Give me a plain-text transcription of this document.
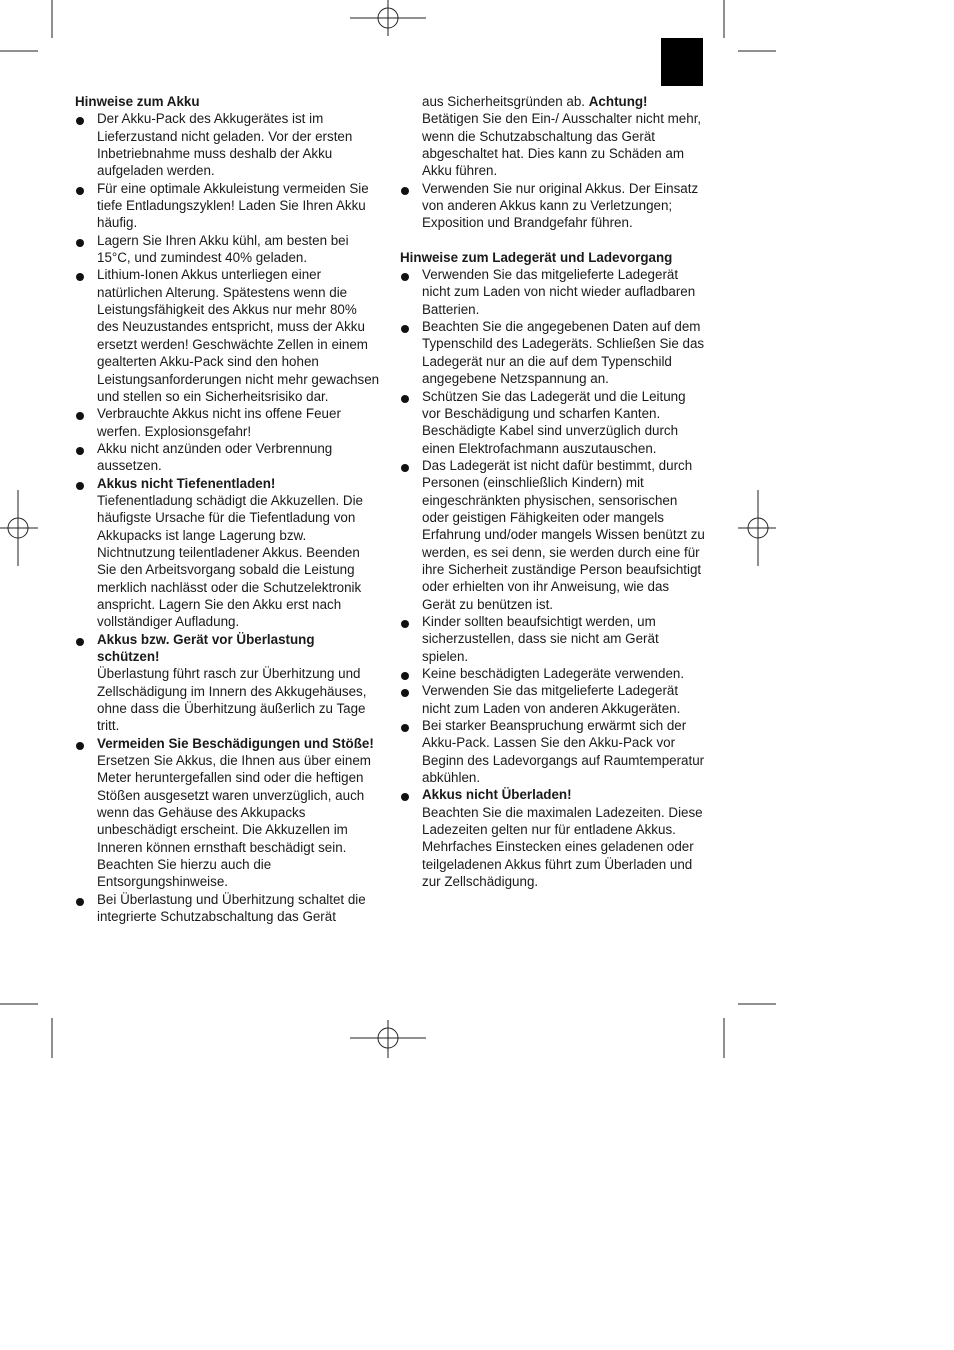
Hinweise zum Akku

Der Akku-Pack des Akkugerätes ist im Lieferzustand nicht geladen. Vor der ersten Inbetriebnahme muss deshalb der Akku aufgeladen werden.
Für eine optimale Akkuleistung vermeiden Sie tiefe Entladungszyklen! Laden Sie Ihren Akku häufig.
Lagern Sie Ihren Akku kühl, am besten bei 15°C, und zumindest 40% geladen.
Lithium-Ionen Akkus unterliegen einer natürlichen Alterung. Spätestens wenn die Leistungsfähigkeit des Akkus nur mehr 80% des Neuzustandes entspricht, muss der Akku ersetzt werden! Geschwächte Zellen in einem gealterten Akku-Pack sind den hohen Leistungsanforderungen nicht mehr gewachsen und stellen so ein Sicherheitsrisiko dar.
Verbrauchte Akkus nicht ins offene Feuer werfen. Explosionsgefahr!
Akku nicht anzünden oder Verbrennung aussetzen.
Akkus nicht Tiefenentladen!
Tiefenentladung schädigt die Akkuzellen. Die häufigste Ursache für die Tiefentladung von Akkupacks ist lange Lagerung bzw. Nichtnutzung teilentladener Akkus. Beenden Sie den Arbeitsvorgang sobald die Leistung merklich nachlässt oder die Schutzelektronik anspricht. Lagern Sie den Akku erst nach vollständiger Aufladung.
Akkus bzw. Gerät vor Überlastung schützen!
Überlastung führt rasch zur Überhitzung und Zellschädigung im Innern des Akkugehäuses, ohne dass die Überhitzung äußerlich zu Tage tritt.
Vermeiden Sie Beschädigungen und Stöße!
Ersetzen Sie Akkus, die Ihnen aus über einem Meter heruntergefallen sind oder die heftigen Stößen ausgesetzt waren unverzüglich, auch wenn das Gehäuse des Akkupacks unbeschädigt erscheint. Die Akkuzellen im Inneren können ernsthaft beschädigt sein. Beachten Sie hierzu auch die Entsorgungshinweise.
Bei Überlastung und Überhitzung schaltet die integrierte Schutzabschaltung das Gerät
aus Sicherheitsgründen ab. Achtung! Betätigen Sie den Ein-/ Ausschalter nicht mehr, wenn die Schutzabschaltung das Gerät abgeschaltet hat. Dies kann zu Schäden am Akku führen.
Verwenden Sie nur original Akkus. Der Einsatz von anderen Akkus kann zu Verletzungen; Exposition und Brandgefahr führen.

Hinweise zum Ladegerät und Ladevorgang

Verwenden Sie das mitgelieferte Ladegerät nicht zum Laden von nicht wieder aufladbaren Batterien.
Beachten Sie die angegebenen Daten auf dem Typenschild des Ladegeräts. Schließen Sie das Ladegerät nur an die auf dem Typenschild angegebene Netzspannung an.
Schützen Sie das Ladegerät und die Leitung vor Beschädigung und scharfen Kanten. Beschädigte Kabel sind unverzüglich durch einen Elektrofachmann auszutauschen.
Das Ladegerät ist nicht dafür bestimmt, durch Personen (einschließlich Kindern) mit eingeschränkten physischen, sensorischen oder geistigen Fähigkeiten oder mangels Erfahrung und/oder mangels Wissen benützt zu werden, es sei denn, sie werden durch eine für ihre Sicherheit zuständige Person beaufsichtigt oder erhielten von ihr Anweisung, wie das Gerät zu benützen ist.
Kinder sollten beaufsichtigt werden, um sicherzustellen, dass sie nicht am Gerät spielen.
Keine beschädigten Ladegeräte verwenden.
Verwenden Sie das mitgelieferte Ladegerät nicht zum Laden von anderen Akkugeräten.
Bei starker Beanspruchung erwärmt sich der Akku-Pack. Lassen Sie den Akku-Pack vor Beginn des Ladevorgangs auf Raumtemperatur abkühlen.
Akkus nicht Überladen!
Beachten Sie die maximalen Ladezeiten. Diese Ladezeiten gelten nur für entladene Akkus. Mehrfaches Einstecken eines geladenen oder teilgeladenen Akkus führt zum Überladen und zur Zellschädigung.
